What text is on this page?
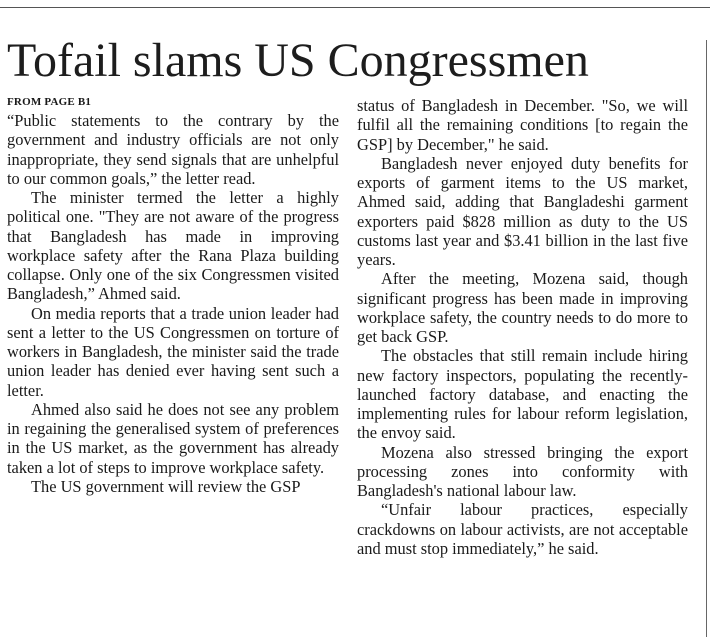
Tofail slams US Congressmen
FROM PAGE B1

“Public statements to the contrary by the government and industry officials are not only inappropriate, they send signals that are unhelpful to our common goals,” the letter read.

The minister termed the letter a highly political one. "They are not aware of the progress that Bangladesh has made in improving workplace safety after the Rana Plaza building collapse. Only one of the six Congressmen visited Bangladesh,” Ahmed said.

On media reports that a trade union leader had sent a letter to the US Congressmen on torture of workers in Bangladesh, the minister said the trade union leader has denied ever having sent such a letter.

Ahmed also said he does not see any problem in regaining the generalised system of preferences in the US market, as the government has already taken a lot of steps to improve workplace safety.

The US government will review the GSP

status of Bangladesh in December. "So, we will fulfil all the remaining conditions [to regain the GSP] by December," he said.

Bangladesh never enjoyed duty benefits for exports of garment items to the US market, Ahmed said, adding that Bangladeshi garment exporters paid $828 million as duty to the US customs last year and $3.41 billion in the last five years.

After the meeting, Mozena said, though significant progress has been made in improving workplace safety, the country needs to do more to get back GSP.

The obstacles that still remain include hiring new factory inspectors, populating the recently-launched factory database, and enacting the implementing rules for labour reform legislation, the envoy said.

Mozena also stressed bringing the export processing zones into conformity with Bangladesh's national labour law.

“Unfair labour practices, especially crackdowns on labour activists, are not acceptable and must stop immediately,” he said.
